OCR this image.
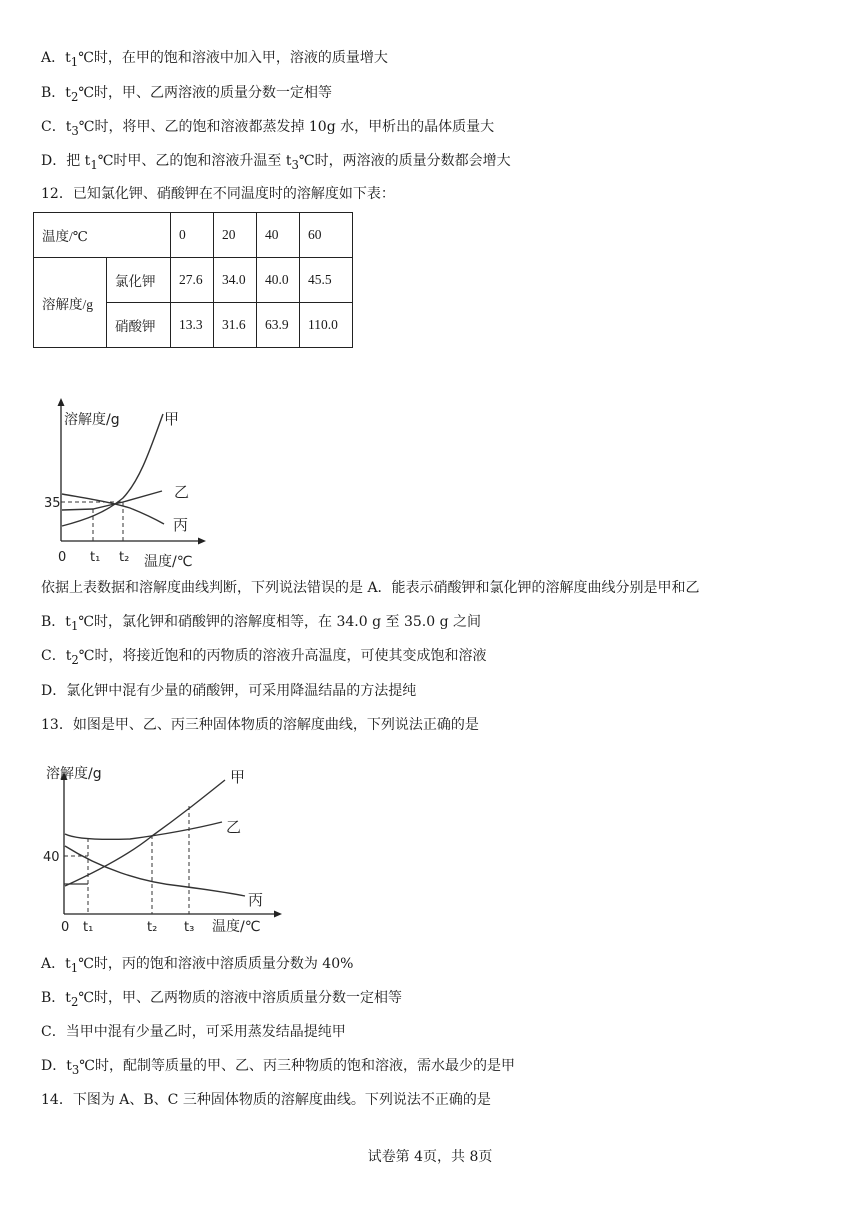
A．$t_1℃$时，在甲的饱和溶液中加入甲，溶液的质量增大
B．$t_2℃$时，甲、乙两溶液的质量分数一定相等
C．$t_3℃$时，将甲、乙的饱和溶液都蒸发掉 10g 水，甲析出的晶体质量大
D．把 $t_1℃$时甲、乙的饱和溶液升温至 $t_3℃$时，两溶液的质量分数都会增大
12．已知氯化钾、硝酸钾在不同温度时的溶解度如下表：
温度/℃		0	20	40	60
溶解度/g	氯化钾	27.6	34.0	40.0	45.5
	硝酸钾	13.3	31.6	63.9	110.0
溶解度/g
温度/℃
35
0 t₁ t₂
甲
乙
丙
依据上表数据和溶解度曲线判断，下列说法错误的是 A．能表示硝酸钾和氯化钾的溶解度曲线分别是甲和乙
B．$t_1℃$时，氯化钾和硝酸钾的溶解度相等，在 34.0 g 至 35.0 g 之间
C．$t_2℃$时，将接近饱和的丙物质的溶液升高温度，可使其变成饱和溶液
D．氯化钾中混有少量的硝酸钾，可采用降温结晶的方法提纯
13．如图是甲、乙、丙三种固体物质的溶解度曲线，下列说法正确的是
溶解度/g
温度/℃
40
0 t₁	t₂ t₃
甲
乙
丙
A．$t_1℃$时，丙的饱和溶液中溶质质量分数为 40%
B．$t_2℃$时，甲、乙两物质的溶液中溶质质量分数一定相等
C．当甲中混有少量乙时，可采用蒸发结晶提纯甲
D．$t_3℃$时，配制等质量的甲、乙、丙三种物质的饱和溶液，需水最少的是甲
14．下图为 A、B、C 三种固体物质的溶解度曲线。下列说法不正确的是
试卷第 4页，共 8页
